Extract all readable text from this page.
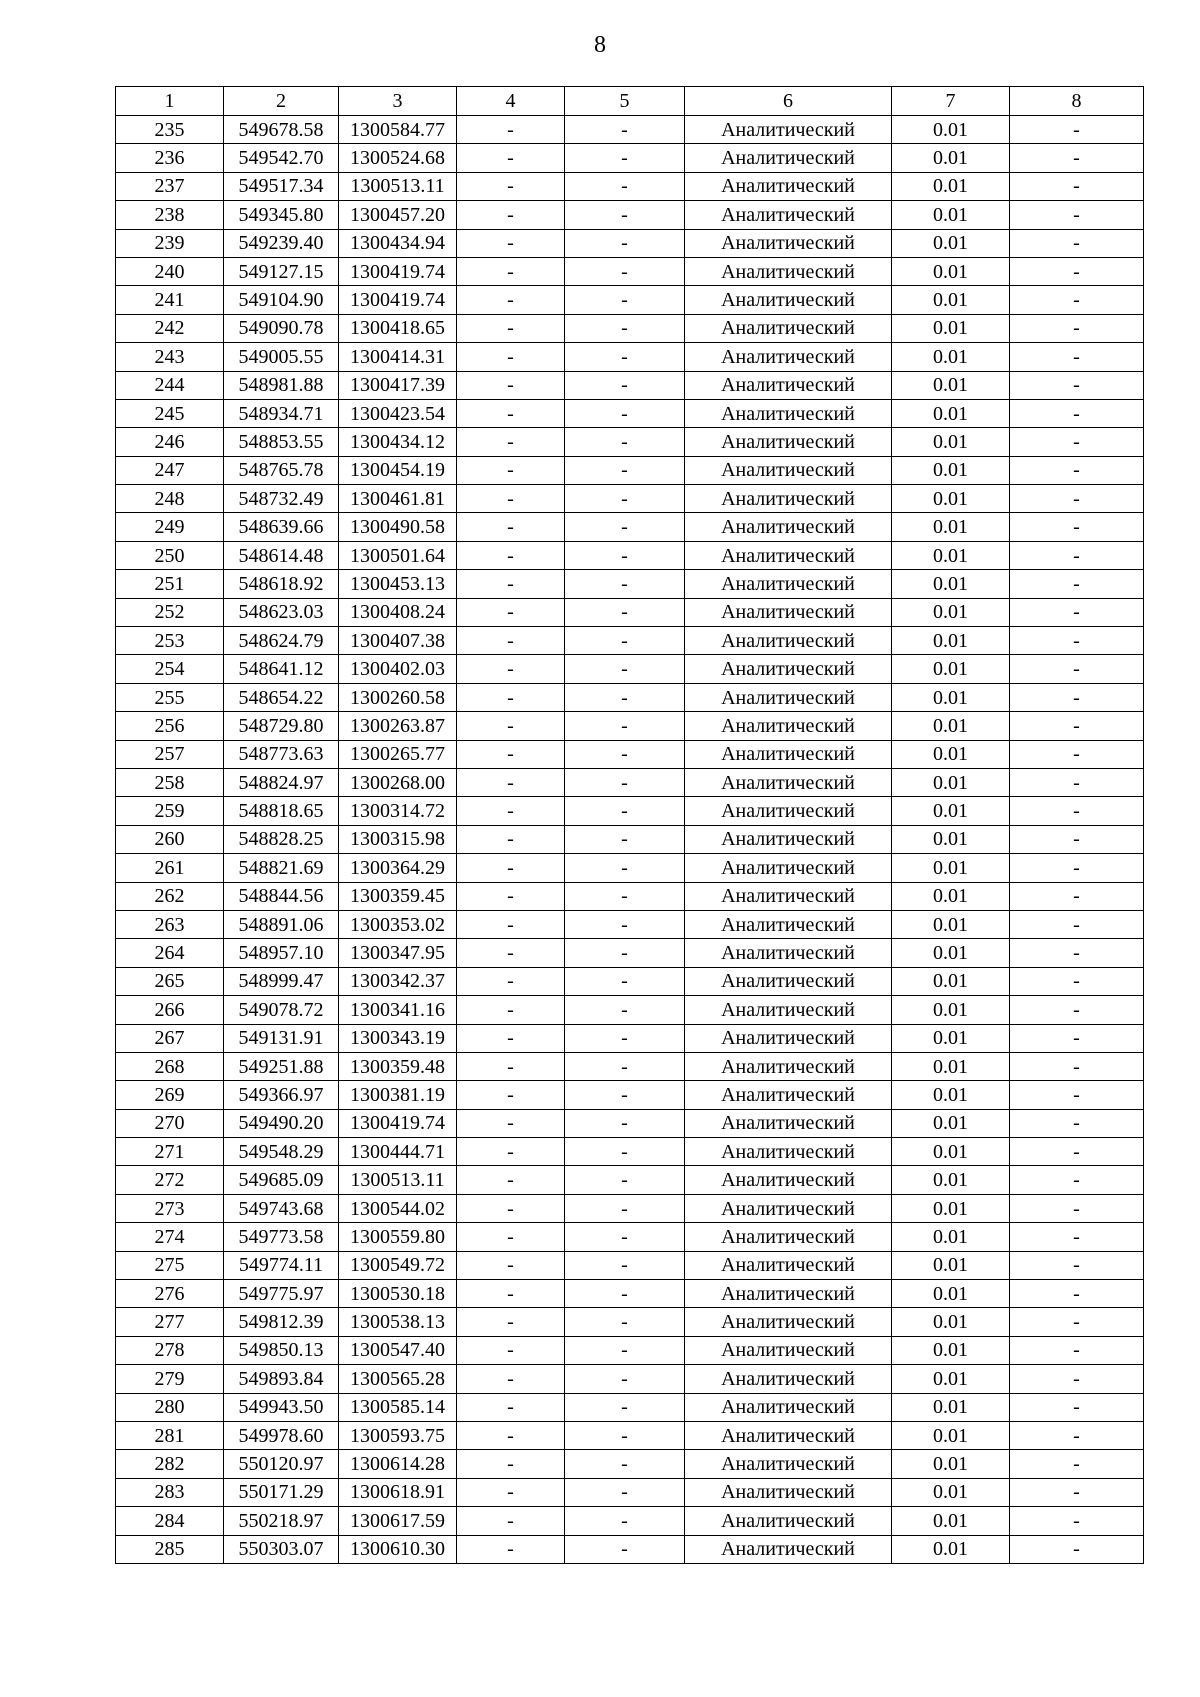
8
1	2	3	4	5	6	7	8
235	549678.58	1300584.77	-	-	Аналитический	0.01	-
236	549542.70	1300524.68	-	-	Аналитический	0.01	-
237	549517.34	1300513.11	-	-	Аналитический	0.01	-
238	549345.80	1300457.20	-	-	Аналитический	0.01	-
239	549239.40	1300434.94	-	-	Аналитический	0.01	-
240	549127.15	1300419.74	-	-	Аналитический	0.01	-
241	549104.90	1300419.74	-	-	Аналитический	0.01	-
242	549090.78	1300418.65	-	-	Аналитический	0.01	-
243	549005.55	1300414.31	-	-	Аналитический	0.01	-
244	548981.88	1300417.39	-	-	Аналитический	0.01	-
245	548934.71	1300423.54	-	-	Аналитический	0.01	-
246	548853.55	1300434.12	-	-	Аналитический	0.01	-
247	548765.78	1300454.19	-	-	Аналитический	0.01	-
248	548732.49	1300461.81	-	-	Аналитический	0.01	-
249	548639.66	1300490.58	-	-	Аналитический	0.01	-
250	548614.48	1300501.64	-	-	Аналитический	0.01	-
251	548618.92	1300453.13	-	-	Аналитический	0.01	-
252	548623.03	1300408.24	-	-	Аналитический	0.01	-
253	548624.79	1300407.38	-	-	Аналитический	0.01	-
254	548641.12	1300402.03	-	-	Аналитический	0.01	-
255	548654.22	1300260.58	-	-	Аналитический	0.01	-
256	548729.80	1300263.87	-	-	Аналитический	0.01	-
257	548773.63	1300265.77	-	-	Аналитический	0.01	-
258	548824.97	1300268.00	-	-	Аналитический	0.01	-
259	548818.65	1300314.72	-	-	Аналитический	0.01	-
260	548828.25	1300315.98	-	-	Аналитический	0.01	-
261	548821.69	1300364.29	-	-	Аналитический	0.01	-
262	548844.56	1300359.45	-	-	Аналитический	0.01	-
263	548891.06	1300353.02	-	-	Аналитический	0.01	-
264	548957.10	1300347.95	-	-	Аналитический	0.01	-
265	548999.47	1300342.37	-	-	Аналитический	0.01	-
266	549078.72	1300341.16	-	-	Аналитический	0.01	-
267	549131.91	1300343.19	-	-	Аналитический	0.01	-
268	549251.88	1300359.48	-	-	Аналитический	0.01	-
269	549366.97	1300381.19	-	-	Аналитический	0.01	-
270	549490.20	1300419.74	-	-	Аналитический	0.01	-
271	549548.29	1300444.71	-	-	Аналитический	0.01	-
272	549685.09	1300513.11	-	-	Аналитический	0.01	-
273	549743.68	1300544.02	-	-	Аналитический	0.01	-
274	549773.58	1300559.80	-	-	Аналитический	0.01	-
275	549774.11	1300549.72	-	-	Аналитический	0.01	-
276	549775.97	1300530.18	-	-	Аналитический	0.01	-
277	549812.39	1300538.13	-	-	Аналитический	0.01	-
278	549850.13	1300547.40	-	-	Аналитический	0.01	-
279	549893.84	1300565.28	-	-	Аналитический	0.01	-
280	549943.50	1300585.14	-	-	Аналитический	0.01	-
281	549978.60	1300593.75	-	-	Аналитический	0.01	-
282	550120.97	1300614.28	-	-	Аналитический	0.01	-
283	550171.29	1300618.91	-	-	Аналитический	0.01	-
284	550218.97	1300617.59	-	-	Аналитический	0.01	-
285	550303.07	1300610.30	-	-	Аналитический	0.01	-
